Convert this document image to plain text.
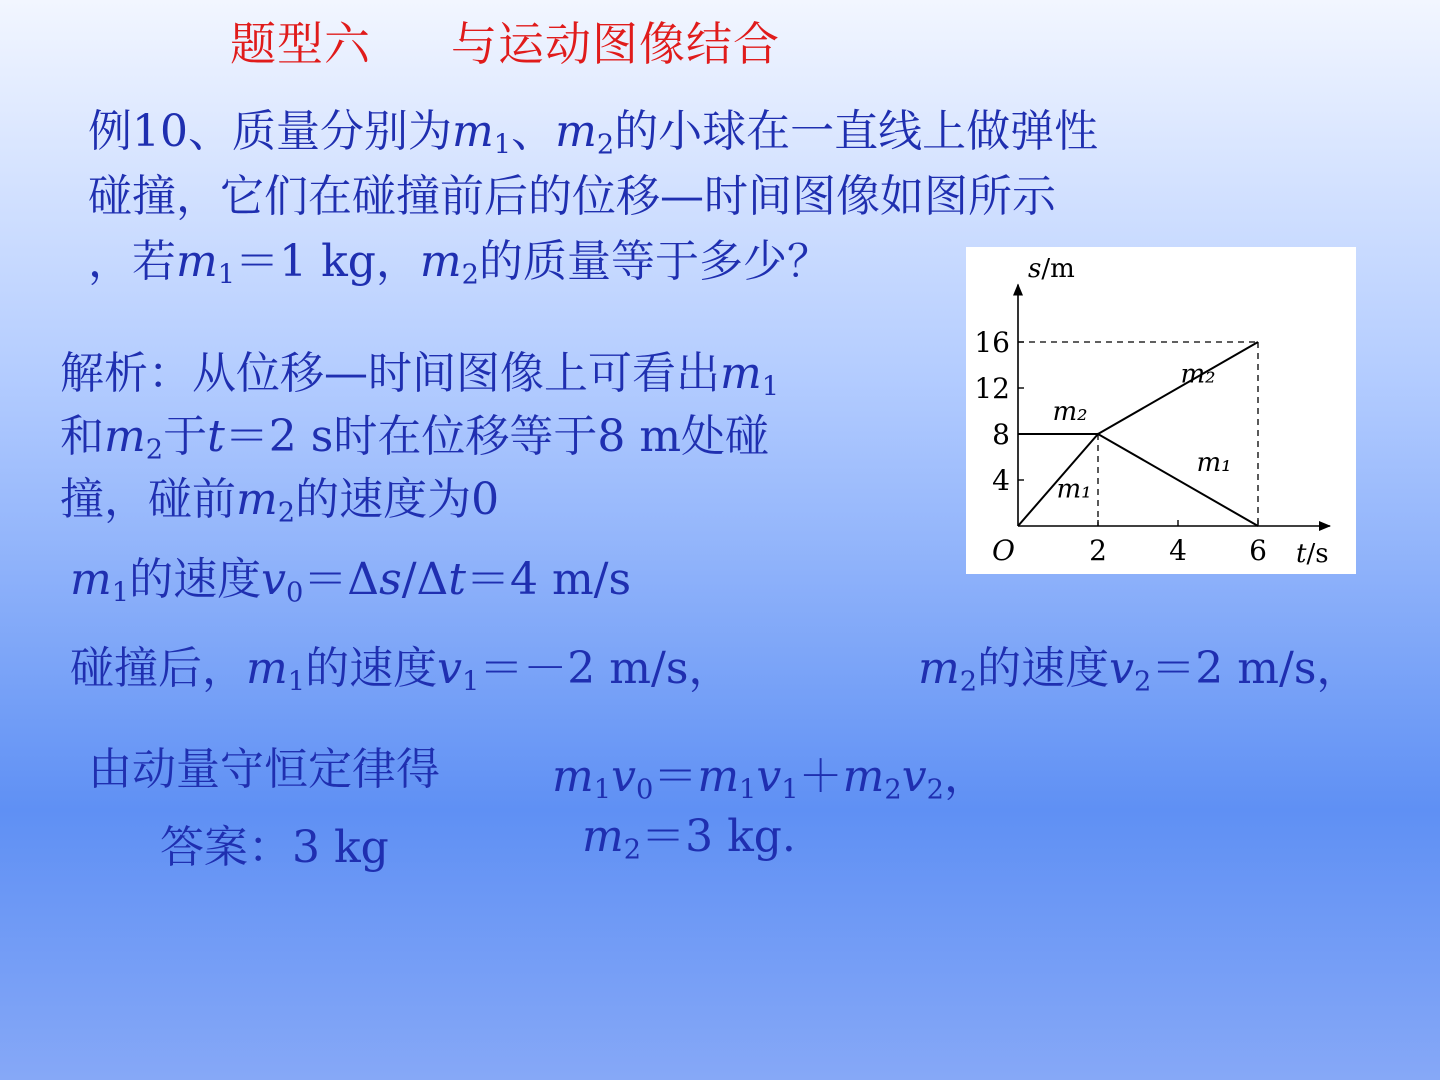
题型六 与运动图像结合
例10、质量分别为$m_1$、$m_2$的小球在一直线上做弹性
碰撞，它们在碰撞前后的位移—时间图像如图所示
，若$m_1=1$ kg，$m_2$的质量等于多少？
解析：从位移—时间图像上可看出$m_1$
和$m_2$于t＝2 s时在位移等于8 m处碰
撞，碰前$m_2$的速度为0
$m_1$的速度$v_0=\Delta s/\Delta t=4$ m/s
碰撞后，$m_1$的速度$v_1=-2$ m/s，	$m_2$的速度$v_2=2$ m/s，
由动量守恒定律得	$m_1v_0=m_1v_1+m_2v_2$，
$m_2=3$ kg.
答案：3 kg
t/s
s/m
O	2 4 6
4
8
12
16
m₂
m₂
m₁
m₁
